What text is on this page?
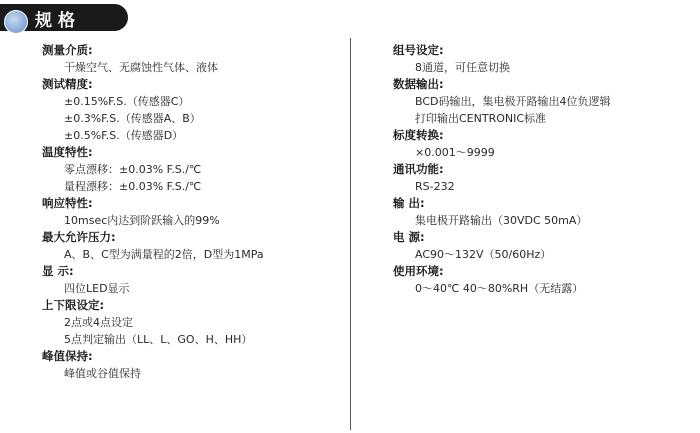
规格
测量介质:
干燥空气、无腐蚀性气体、液体
测试精度:
±0.15%F.S.（传感器C）
±0.3%F.S.（传感器A、B）
±0.5%F.S.（传感器D）
温度特性:
零点漂移：±0.03% F.S./℃
量程漂移：±0.03% F.S./℃
响应特性:
10msec内达到阶跃输入的99%
最大允许压力:
A、B、C型为满量程的2倍，D型为1MPa
显 示:
四位LED显示
上下限设定:
2点或4点设定
5点判定输出（LL、L、GO、H、HH）
峰值保持:
峰值或谷值保持
组号设定:
8通道，可任意切换
数据输出:
BCD码输出，集电极开路输出4位负逻辑
打印输出CENTRONIC标准
标度转换:
×0.001～9999
通讯功能:
RS-232
输 出:
集电极开路输出（30VDC 50mA）
电 源:
AC90～132V（50/60Hz）
使用环境:
0～40℃ 40～80%RH（无结露）
